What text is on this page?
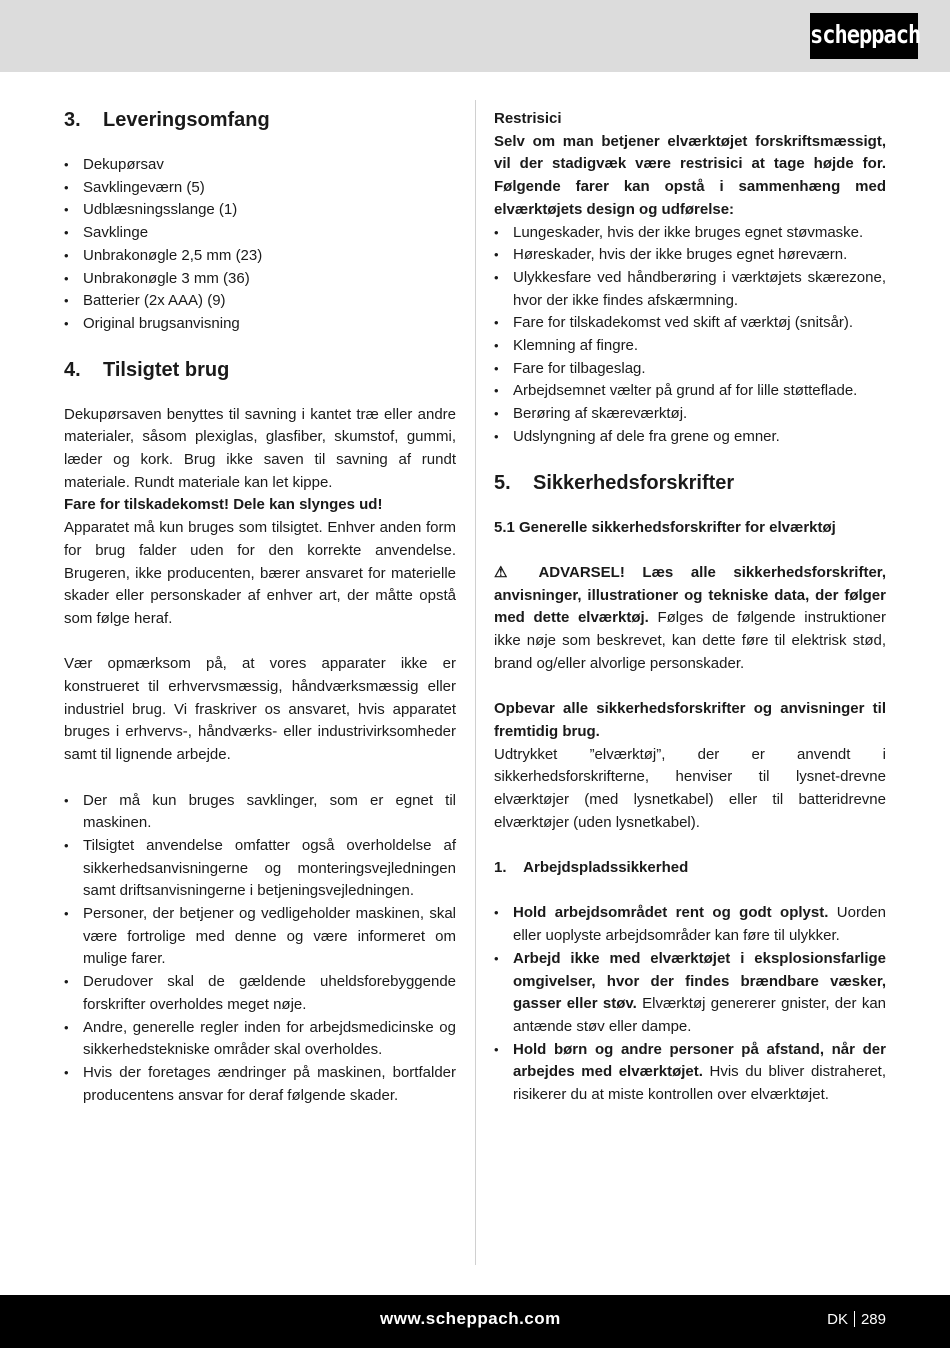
scheppach
3.	Leveringsomfang
• Dekupørsav
• Savklingeværn (5)
• Udblæsningsslange (1)
• Savklinge
• Unbrakonøgle 2,5 mm (23)
• Unbrakonøgle 3 mm (36)
• Batterier (2x AAA) (9)
• Original brugsanvisning
4.	Tilsigtet brug

Dekupørsaven benyttes til savning i kantet træ eller andre materialer, såsom plexiglas, glasfiber, skumstof, gummi, læder og kork. Brug ikke saven til savning af rundt materiale. Rundt materiale kan let kippe.

Fare for tilskadekomst! Dele kan slynges ud!

Apparatet må kun bruges som tilsigtet. Enhver anden form for brug falder uden for den korrekte anvendelse. Brugeren, ikke producenten, bærer ansvaret for materielle skader eller personskader af enhver art, der måtte opstå som følge heraf.

Vær opmærksom på, at vores apparater ikke er konstrueret til erhvervsmæssig, håndværksmæssig eller industriel brug. Vi fraskriver os ansvaret, hvis apparatet bruges i erhvervs-, håndværks- eller industrivirksomheder samt til lignende arbejde.

• Der må kun bruges savklinger, som er egnet til maskinen.
• Tilsigtet anvendelse omfatter også overholdelse af sikkerhedsanvisningerne og monteringsvejledningen samt driftsanvisningerne i betjeningsvejledningen.
• Personer, der betjener og vedligeholder maskinen, skal være fortrolige med denne og være informeret om mulige farer.
• Derudover skal de gældende uheldsforebyggende forskrifter overholdes meget nøje.
• Andre, generelle regler inden for arbejdsmedicinske og sikkerhedstekniske områder skal overholdes.
• Hvis der foretages ændringer på maskinen, bortfalder producentens ansvar for deraf følgende skader.

Restrisici

Selv om man betjener elværktøjet forskriftsmæssigt, vil der stadigvæk være restrisici at tage højde for. Følgende farer kan opstå i sammenhæng med elværktøjets design og udførelse:

• Lungeskader, hvis der ikke bruges egnet støvmaske.
• Høreskader, hvis der ikke bruges egnet høreværn.
• Ulykkesfare ved håndberøring i værktøjets skærezone, hvor der ikke findes afskærmning.
• Fare for tilskadekomst ved skift af værktøj (snitsår).
• Klemning af fingre.
• Fare for tilbageslag.
• Arbejdsemnet vælter på grund af for lille støtteflade.
• Berøring af skæreværktøj.
• Udslyngning af dele fra grene og emner.
5.	Sikkerhedsforskrifter

5.1 Generelle sikkerhedsforskrifter for elværktøj

⚠ ADVARSEL! Læs alle sikkerhedsforskrifter, anvisninger, illustrationer og tekniske data, der følger med dette elværktøj. Følges de følgende instruktioner ikke nøje som beskrevet, kan dette føre til elektrisk stød, brand og/eller alvorlige personskader.

Opbevar alle sikkerhedsforskrifter og anvisninger til fremtidig brug.

Udtrykket ”elværktøj”, der er anvendt i sikkerhedsforskrifterne, henviser til lysnet-drevne elværktøjer (med lysnetkabel) eller til batteridrevne elværktøjer (uden lysnetkabel).

1.    Arbejdspladssikkerhed

• Hold arbejdsområdet rent og godt oplyst. Uorden eller uoplyste arbejdsområder kan føre til ulykker.
• Arbejd ikke med elværktøjet i eksplosionsfarlige omgivelser, hvor der findes brændbare væsker, gasser eller støv. Elværktøj genererer gnister, der kan antænde støv eller dampe.
• Hold børn og andre personer på afstand, når der arbejdes med elværktøjet. Hvis du bliver distraheret, risikerer du at miste kontrollen over elværktøjet.
www.scheppach.com	DK 289
